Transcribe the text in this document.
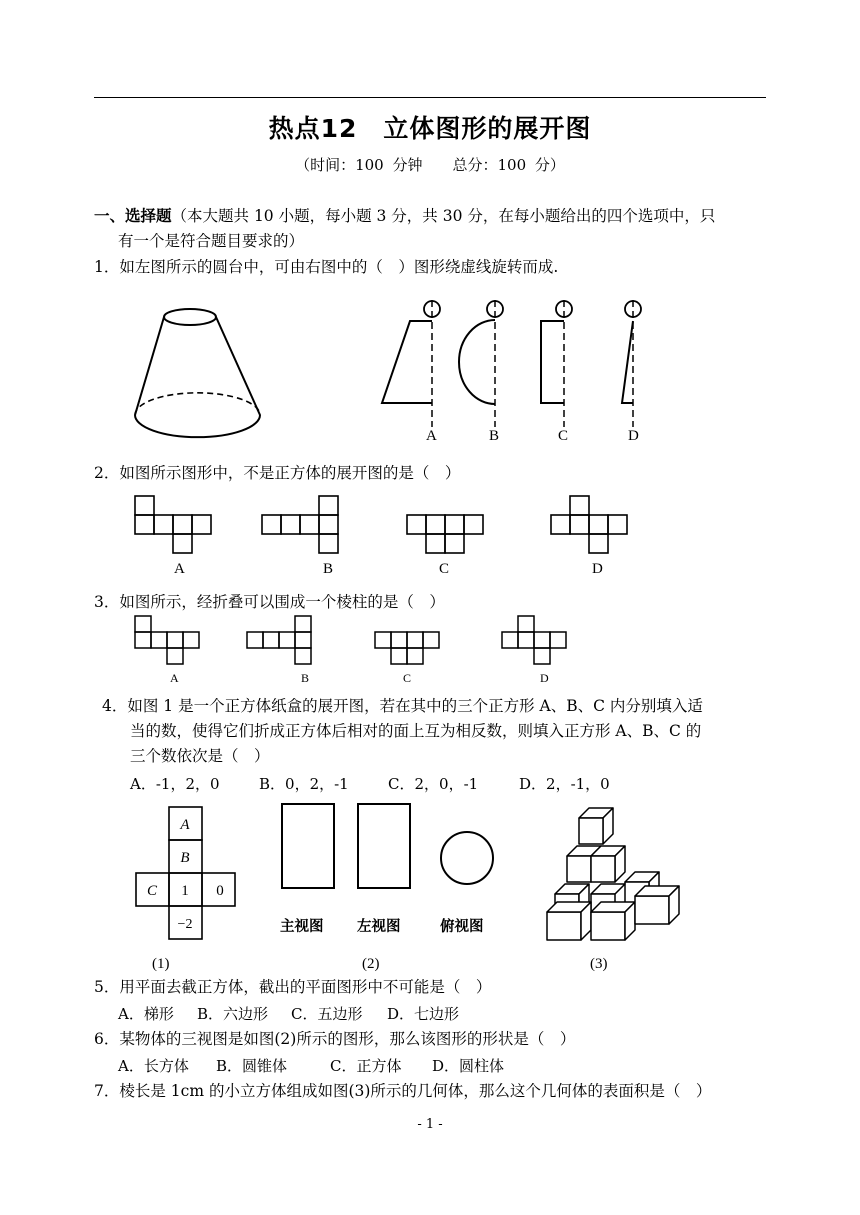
热点12　立体图形的展开图
（时间：100 分钟　　总分：100 分）
一、选择题（本大题共 10 小题，每小题 3 分，共 30 分，在每小题给出的四个选项中，只
有一个是符合题目要求的）
1．如左图所示的圆台中，可由右图中的（　）图形绕虚线旋转而成.
A	B	C	D
2．如图所示图形中，不是正方体的展开图的是（　）
A	B	C	D
3．如图所示，经折叠可以围成一个棱柱的是（　）
A	B	C	D
4．如图 1 是一个正方体纸盒的展开图，若在其中的三个正方形 A、B、C 内分别填入适
当的数，使得它们折成正方体后相对的面上互为相反数，则填入正方形 A、B、C 的
三个数依次是（　）
A．-1，2，0	B．0，2，-1	C．2，0，-1	D．2，-1，0
A
B
C 1 0
−2	主视图 左视图	俯视图
(1)	(2)	(3)
5．用平面去截正方体，截出的平面图形中不可能是（　）
A．梯形 B．六边形 C．五边形 D．七边形
6．某物体的三视图是如图(2)所示的图形，那么该图形的形状是（　）
A．长方体 B．圆锥体	C．正方体 D．圆柱体
7．棱长是 1cm 的小立方体组成如图(3)所示的几何体，那么这个几何体的表面积是（　）
- 1 -
